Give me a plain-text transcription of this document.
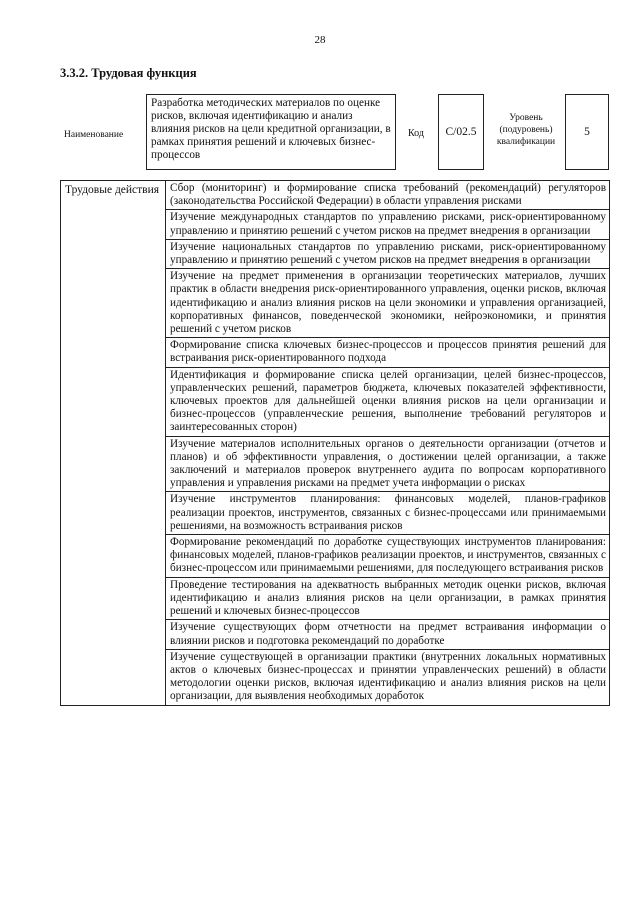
28
3.3.2. Трудовая функция
Наименование
Разработка методических материалов по оценке рисков, включая идентификацию и анализ влияния рисков на цели кредитной организации, в рамках принятия решений и ключевых бизнес-процессов
Код	C/02.5
Уровень (подуровень) квалификации
5
Трудовые действия	Сбор (мониторинг) и формирование списка требований (рекомендаций) регуляторов (законодательства Российской Федерации) в области управления рисками
Изучение международных стандартов по управлению рисками, риск-ориентированному управлению и принятию решений с учетом рисков на предмет внедрения в организации
Изучение национальных стандартов по управлению рисками, риск-ориентированному управлению и принятию решений с учетом рисков на предмет внедрения в организации
Изучение на предмет применения в организации теоретических материалов, лучших практик в области внедрения риск-ориентированного управления, оценки рисков, включая идентификацию и анализ влияния рисков на цели экономики и управления организацией, корпоративных финансов, поведенческой экономики, нейроэкономики, и принятия решений с учетом рисков
Формирование списка ключевых бизнес-процессов и процессов принятия решений для встраивания риск-ориентированного подхода
Идентификация и формирование списка целей организации, целей бизнес-процессов, управленческих решений, параметров бюджета, ключевых показателей эффективности, ключевых проектов для дальнейшей оценки влияния рисков на цели организации и бизнес-процессов (управленческие решения, выполнение требований регуляторов и заинтересованных сторон)
Изучение материалов исполнительных органов о деятельности организации (отчетов и планов) и об эффективности управления, о достижении целей организации, а также заключений и материалов проверок внутреннего аудита по вопросам корпоративного управления и управления рисками на предмет учета информации о рисках
Изучение инструментов планирования: финансовых моделей, планов-графиков реализации проектов, инструментов, связанных с бизнес-процессами или принимаемыми решениями, на возможность встраивания рисков
Формирование рекомендаций по доработке существующих инструментов планирования: финансовых моделей, планов-графиков реализации проектов, и инструментов, связанных с бизнес-процессом или принимаемыми решениями, для последующего встраивания рисков
Проведение тестирования на адекватность выбранных методик оценки рисков, включая идентификацию и анализ влияния рисков на цели организации, в рамках принятия решений и ключевых бизнес-процессов
Изучение существующих форм отчетности на предмет встраивания информации о влиянии рисков и подготовка рекомендаций по доработке
Изучение существующей в организации практики (внутренних локальных нормативных актов о ключевых бизнес-процессах и принятии управленческих решений) в области методологии оценки рисков, включая идентификацию и анализ влияния рисков на цели организации, для выявления необходимых доработок
